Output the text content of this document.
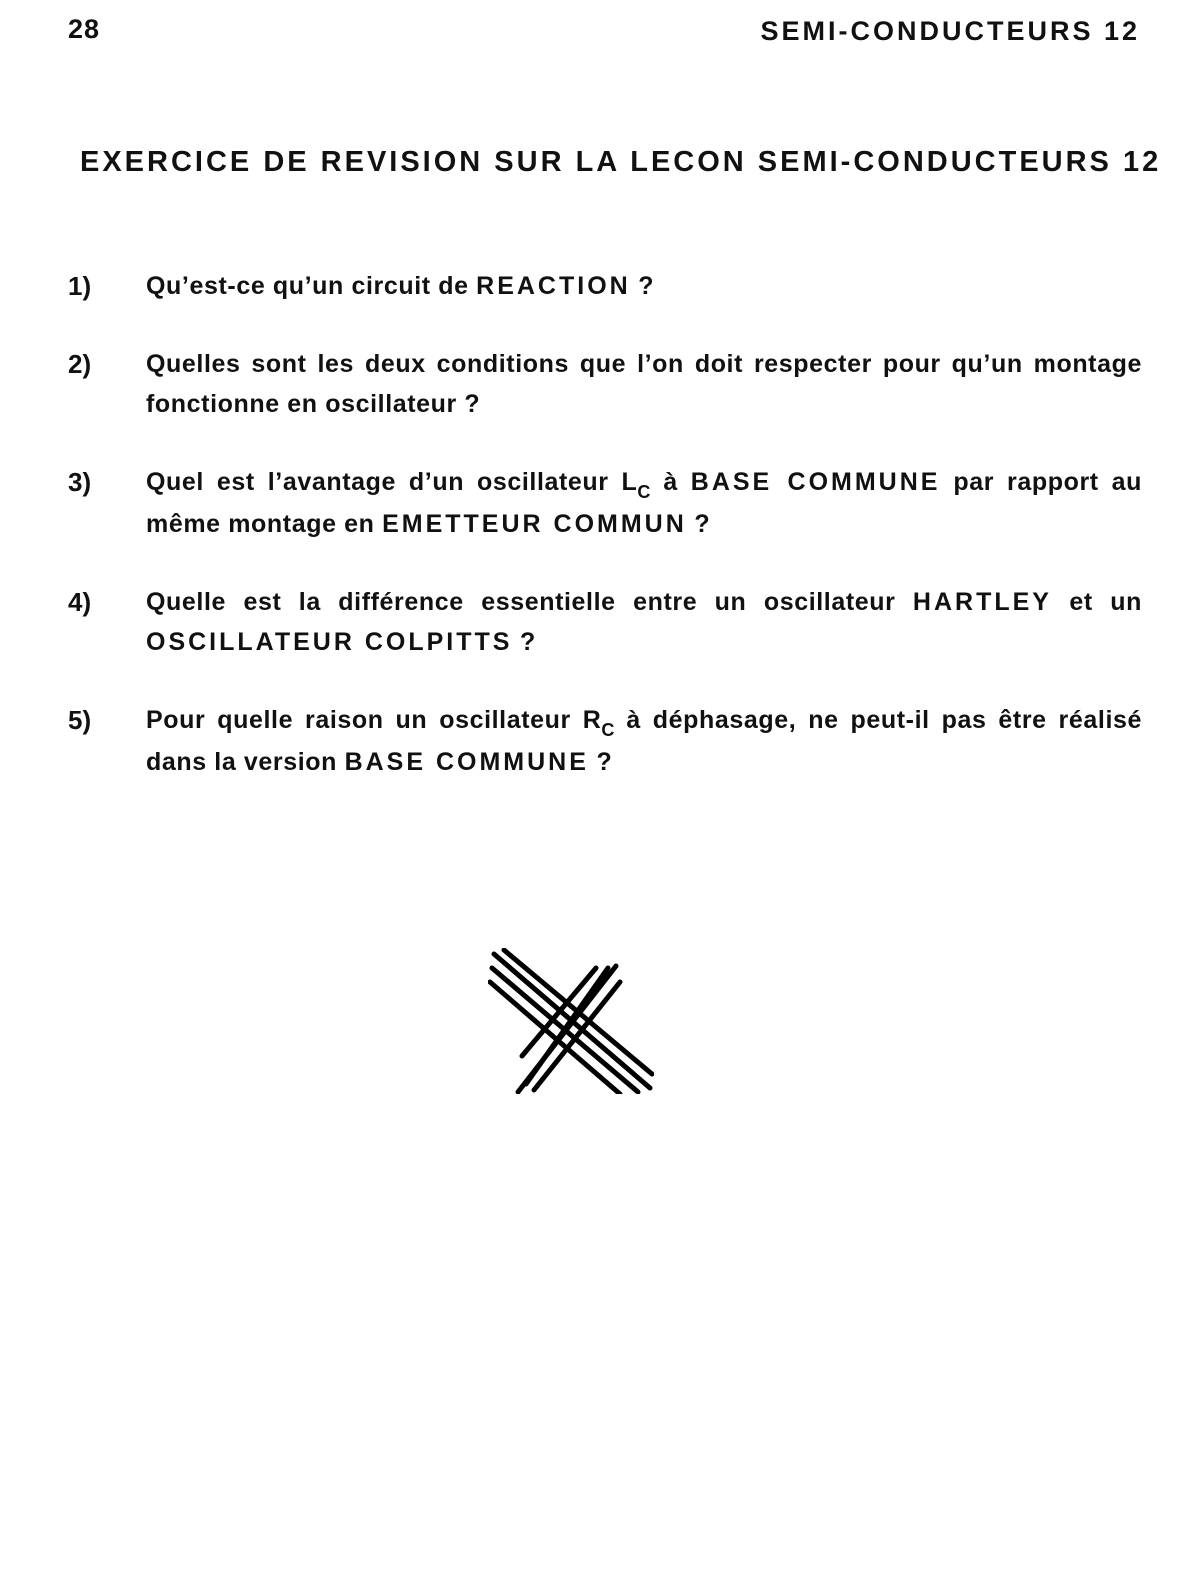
28	SEMI-CONDUCTEURS 12
EXERCICE DE REVISION SUR LA LECON SEMI-CONDUCTEURS 12
1)	Qu’est-ce qu’un circuit de REACTION ?
2)	Quelles sont les deux conditions que l’on doit respecter pour qu’un montage fonctionne en oscillateur ?
3)	Quel est l’avantage d’un oscillateur $L_C$ à BASE COMMUNE par rapport au même montage en EMETTEUR COMMUN ?
4)	Quelle est la différence essentielle entre un oscillateur HARTLEY et un OSCILLATEUR COLPITTS ?
5)	Pour quelle raison un oscillateur $R_C$ à déphasage, ne peut-il pas être réalisé dans la version BASE COMMUNE ?
